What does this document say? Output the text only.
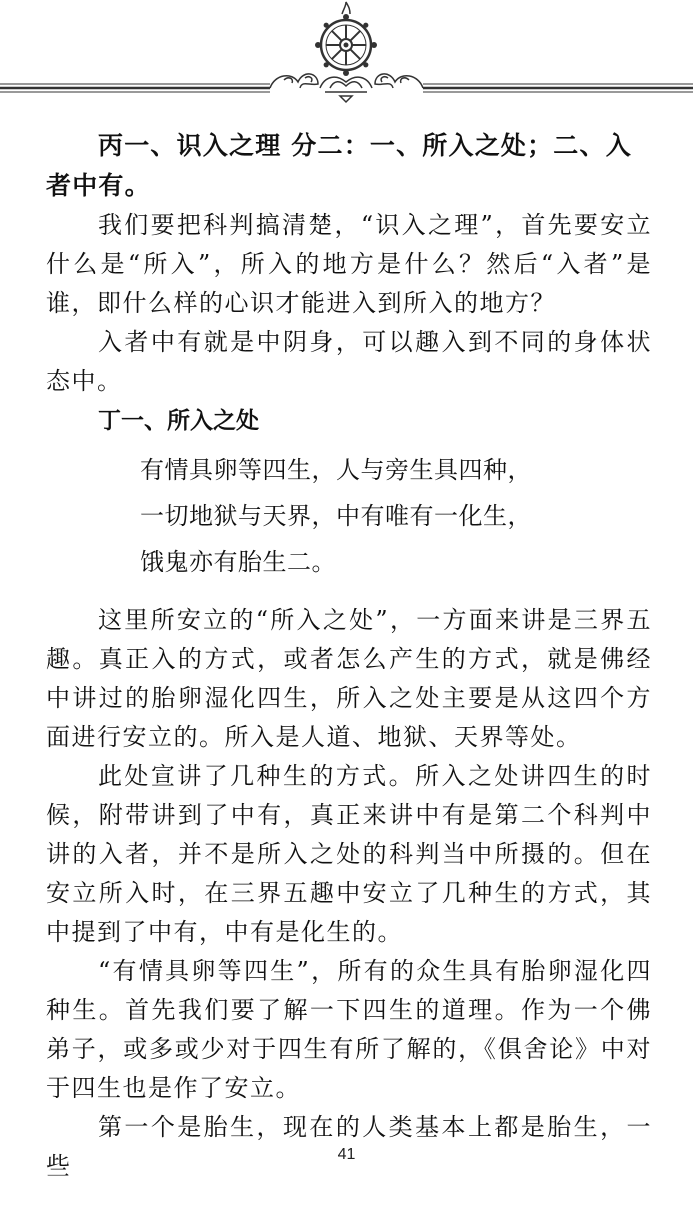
丙一、识入之理 分二：一、所入之处；二、入者中有。

我们要把科判搞清楚，“识入之理”，首先要安立什么是“所入”，所入的地方是什么？然后“入者”是谁，即什么样的心识才能进入到所入的地方？

入者中有就是中阴身，可以趣入到不同的身体状态中。

丁一、所入之处

有情具卵等四生，人与旁生具四种，

一切地狱与天界，中有唯有一化生，

饿鬼亦有胎生二。

这里所安立的“所入之处”，一方面来讲是三界五趣。真正入的方式，或者怎么产生的方式，就是佛经中讲过的胎卵湿化四生，所入之处主要是从这四个方面进行安立的。所入是人道、地狱、天界等处。

此处宣讲了几种生的方式。所入之处讲四生的时候，附带讲到了中有，真正来讲中有是第二个科判中讲的入者，并不是所入之处的科判当中所摄的。但在安立所入时，在三界五趣中安立了几种生的方式，其中提到了中有，中有是化生的。

“有情具卵等四生”，所有的众生具有胎卵湿化四种生。首先我们要了解一下四生的道理。作为一个佛弟子，或多或少对于四生有所了解的，《俱舍论》中对于四生也是作了安立。

第一个是胎生，现在的人类基本上都是胎生，一些	41
